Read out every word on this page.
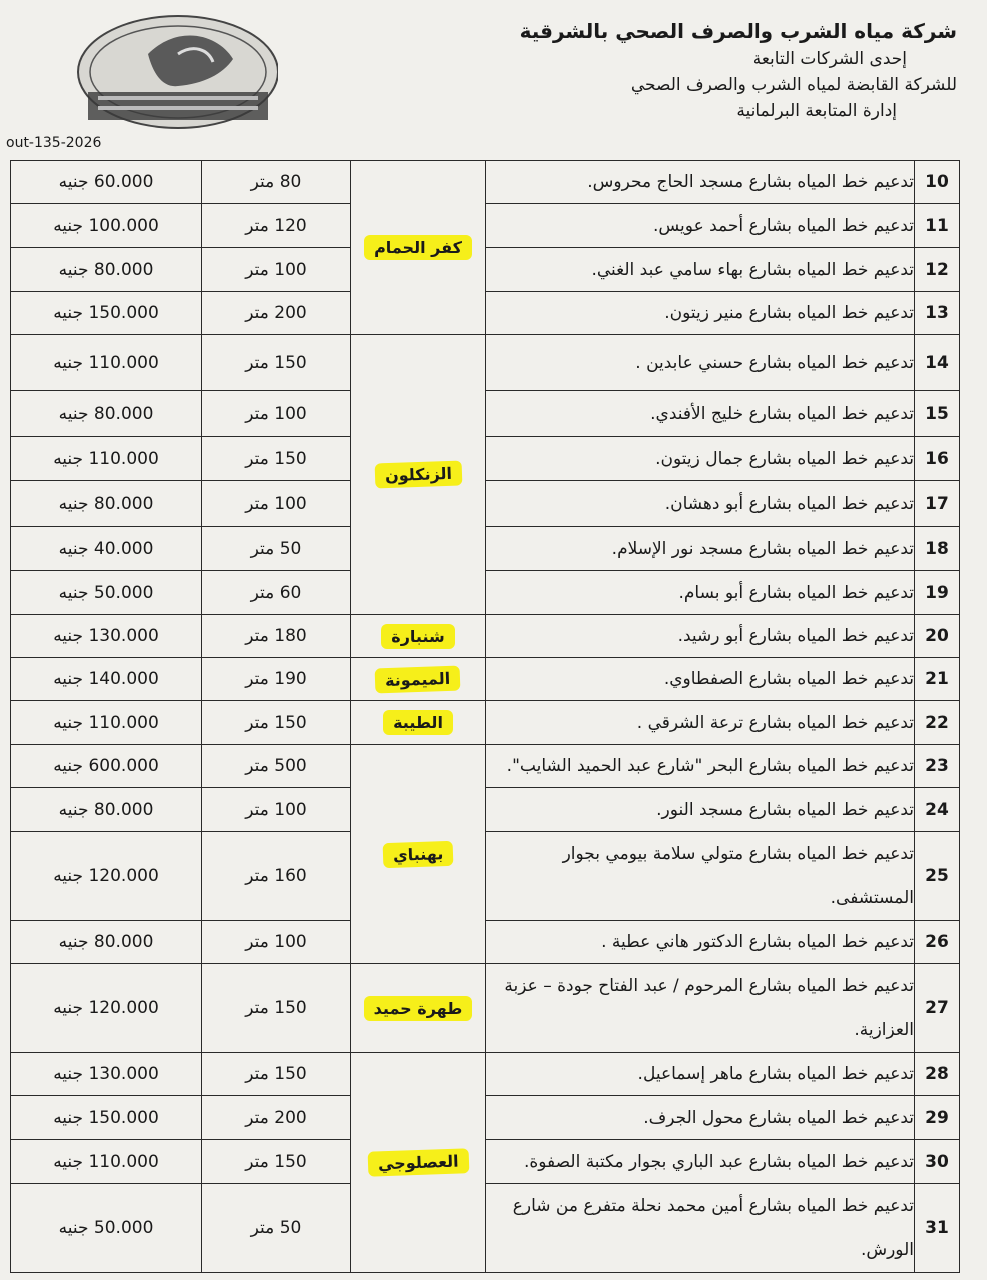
out-135-2026
شركة مياه الشرب والصرف الصحي بالشرقية
إحدى الشركات التابعة
للشركة القابضة لمياه الشرب والصرف الصحي
إدارة المتابعة البرلمانية
10	تدعيم خط المياه بشارع مسجد الحاج محروس.	كفر الحمام	80 متر	60.000 جنيه
11	تدعيم خط المياه بشارع أحمد عويس.		120 متر	100.000 جنيه
12	تدعيم خط المياه بشارع بهاء سامي عبد الغني.		100 متر	80.000 جنيه
13	تدعيم خط المياه بشارع منير زيتون.		200 متر	150.000 جنيه
14	تدعيم خط المياه بشارع حسني عابدين .	الزنكلون	150 متر	110.000 جنيه
15	تدعيم خط المياه بشارع خليج الأفندي.		100 متر	80.000 جنيه
16	تدعيم خط المياه بشارع جمال زيتون.		150 متر	110.000 جنيه
17	تدعيم خط المياه بشارع أبو دهشان.		100 متر	80.000 جنيه
18	تدعيم خط المياه بشارع مسجد نور الإسلام.		50 متر	40.000 جنيه
19	تدعيم خط المياه بشارع أبو بسام.		60 متر	50.000 جنيه
20	تدعيم خط المياه بشارع أبو رشيد.	شنبارة	180 متر	130.000 جنيه
21	تدعيم خط المياه بشارع الصفطاوي.	الميمونة	190 متر	140.000 جنيه
22	تدعيم خط المياه بشارع ترعة الشرقي .	الطيبة	150 متر	110.000 جنيه
23	تدعيم خط المياه بشارع البحر "شارع عبد الحميد الشايب".	بهنباي	500 متر	600.000 جنيه
24	تدعيم خط المياه بشارع مسجد النور.		100 متر	80.000 جنيه
25	تدعيم خط المياه بشارع متولي سلامة بيومي بجوار المستشفى.		160 متر	120.000 جنيه
26	تدعيم خط المياه بشارع الدكتور هاني عطية .		100 متر	80.000 جنيه
27	تدعيم خط المياه بشارع المرحوم / عبد الفتاح جودة – عزبة العزازية.	طهرة حميد	150 متر	120.000 جنيه
28	تدعيم خط المياه بشارع ماهر إسماعيل.	العصلوجي	150 متر	130.000 جنيه
29	تدعيم خط المياه بشارع محول الجرف.		200 متر	150.000 جنيه
30	تدعيم خط المياه بشارع عبد الباري بجوار مكتبة الصفوة.		150 متر	110.000 جنيه
31	تدعيم خط المياه بشارع أمين محمد نحلة متفرع من شارع الورش.		50 متر	50.000 جنيه
